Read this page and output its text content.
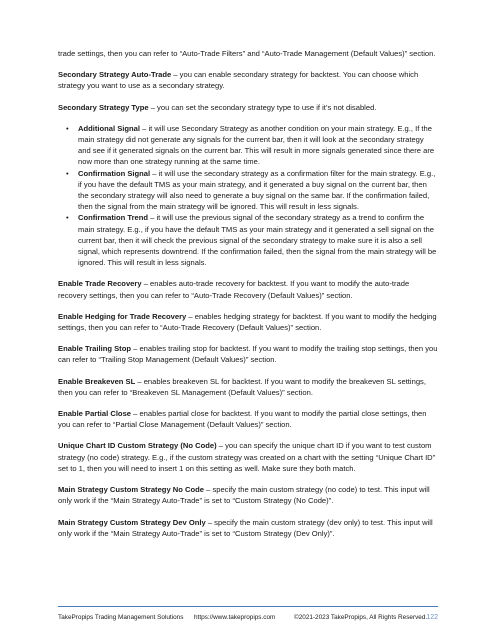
trade settings, then you can refer to “Auto-Trade Filters” and “Auto-Trade Management (Default Values)” section.

Secondary Strategy Auto-Trade – you can enable secondary strategy for backtest. You can choose which strategy you want to use as a secondary strategy.

Secondary Strategy Type – you can set the secondary strategy type to use if it’s not disabled.

• Additional Signal – it will use Secondary Strategy as another condition on your main strategy. E.g., If the main strategy did not generate any signals for the current bar, then it will look at the secondary strategy and see if it generated signals on the current bar. This will result in more signals generated since there are now more than one strategy running at the same time.
• Confirmation Signal – it will use the secondary strategy as a confirmation filter for the main strategy. E.g., if you have the default TMS as your main strategy, and it generated a buy signal on the current bar, then the secondary strategy will also need to generate a buy signal on the same bar. If the confirmation failed, then the signal from the main strategy will be ignored. This will result in less signals.
• Confirmation Trend – it will use the previous signal of the secondary strategy as a trend to confirm the main strategy. E.g., if you have the default TMS as your main strategy and it generated a sell signal on the current bar, then it will check the previous signal of the secondary strategy to make sure it is also a sell signal, which represents downtrend. If the confirmation failed, then the signal from the main strategy will be ignored. This will result in less signals.

Enable Trade Recovery – enables auto-trade recovery for backtest. If you want to modify the auto-trade recovery settings, then you can refer to “Auto-Trade Recovery (Default Values)” section.

Enable Hedging for Trade Recovery – enables hedging strategy for backtest. If you want to modify the hedging settings, then you can refer to “Auto-Trade Recovery (Default Values)” section.

Enable Trailing Stop – enables trailing stop for backtest. If you want to modify the trailing stop settings, then you can refer to “Trailing Stop Management (Default Values)” section.

Enable Breakeven SL – enables breakeven SL for backtest. If you want to modify the breakeven SL settings, then you can refer to “Breakeven SL Management (Default Values)” section.

Enable Partial Close – enables partial close for backtest. If you want to modify the partial close settings, then you can refer to “Partial Close Management (Default Values)” section.

Unique Chart ID Custom Strategy (No Code) – you can specify the unique chart ID if you want to test custom strategy (no code) strategy. E.g., if the custom strategy was created on a chart with the setting “Unique Chart ID” set to 1, then you will need to insert 1 on this setting as well. Make sure they both match.

Main Strategy Custom Strategy No Code – specify the main custom strategy (no code) to test. This input will only work if the “Main Strategy Auto-Trade” is set to “Custom Strategy (No Code)”.

Main Strategy Custom Strategy Dev Only – specify the main custom strategy (dev only) to test. This input will only work if the “Main Strategy Auto-Trade” is set to “Custom Strategy (Dev Only)”.

TakePropips Trading Management Solutions	https://www.takepropips.com	©2021-2023 TakePropips, All Rights Reserved. 122
